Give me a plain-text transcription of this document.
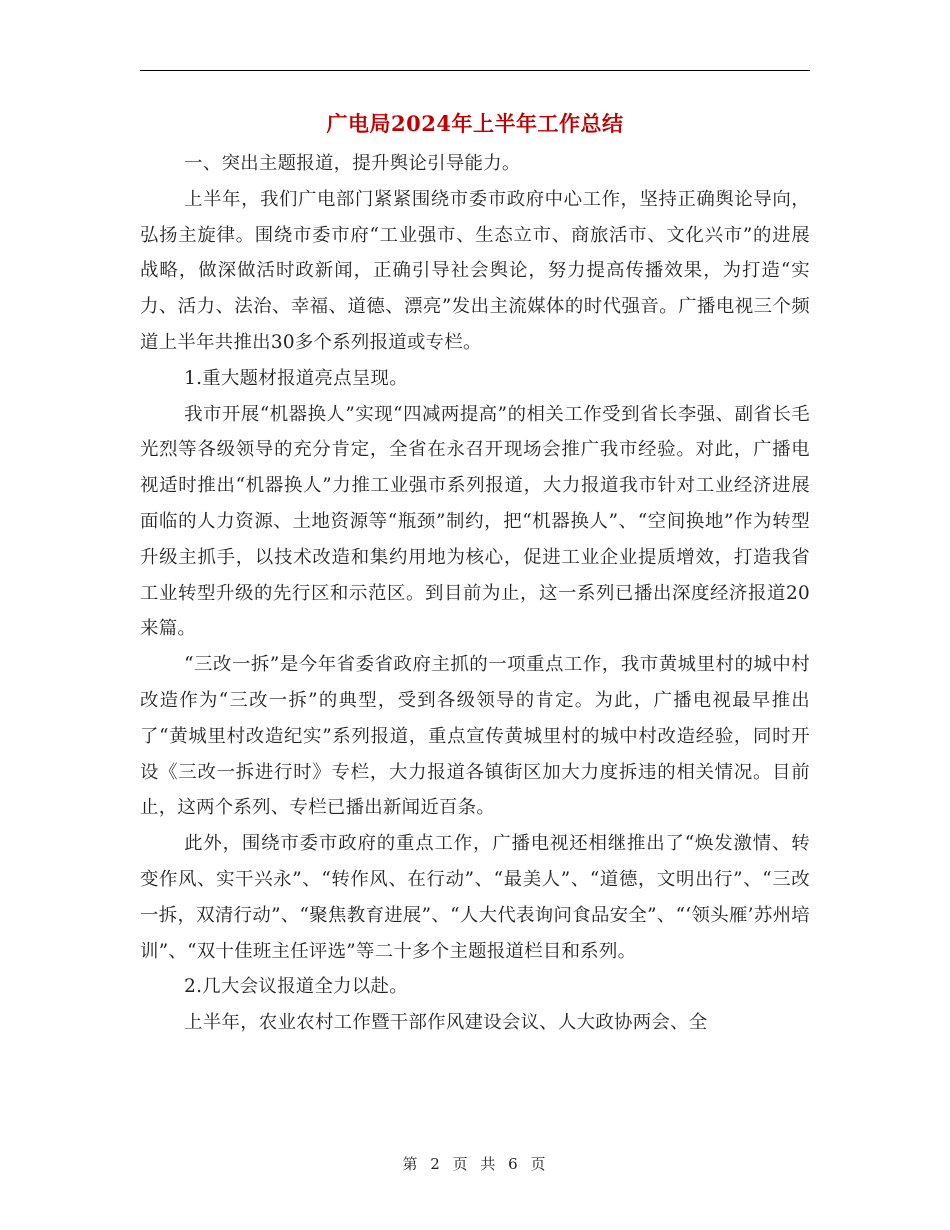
广电局2024年上半年工作总结

一、突出主题报道，提升舆论引导能力。

上半年，我们广电部门紧紧围绕市委市政府中心工作，坚持正确舆论导向，弘扬主旋律。围绕市委市府“工业强市、生态立市、商旅活市、文化兴市”的进展战略，做深做活时政新闻，正确引导社会舆论，努力提高传播效果，为打造“实力、活力、法治、幸福、道德、漂亮”发出主流媒体的时代强音。广播电视三个频道上半年共推出30多个系列报道或专栏。

1.重大题材报道亮点呈现。

我市开展“机器换人”实现“四减两提高”的相关工作受到省长李强、副省长毛光烈等各级领导的充分肯定，全省在永召开现场会推广我市经验。对此，广播电视适时推出“机器换人”力推工业强市系列报道，大力报道我市针对工业经济进展面临的人力资源、土地资源等“瓶颈”制约，把“机器换人”、“空间换地”作为转型升级主抓手，以技术改造和集约用地为核心，促进工业企业提质增效，打造我省工业转型升级的先行区和示范区。到目前为止，这一系列已播出深度经济报道20来篇。

“三改一拆”是今年省委省政府主抓的一项重点工作，我市黄城里村的城中村改造作为“三改一拆”的典型，受到各级领导的肯定。为此，广播电视最早推出了“黄城里村改造纪实”系列报道，重点宣传黄城里村的城中村改造经验，同时开设《三改一拆进行时》专栏，大力报道各镇街区加大力度拆违的相关情况。目前止，这两个系列、专栏已播出新闻近百条。

此外，围绕市委市政府的重点工作，广播电视还相继推出了“焕发激情、转变作风、实干兴永”、“转作风、在行动”、“最美人”、“道德，文明出行”、“三改一拆，双清行动”、“聚焦教育进展”、“人大代表询问食品安全”、“‘领头雁’苏州培训”、“双十佳班主任评选”等二十多个主题报道栏目和系列。

2.几大会议报道全力以赴。

上半年，农业农村工作暨干部作风建设会议、人大政协两会、全

第 2 页 共 6 页
